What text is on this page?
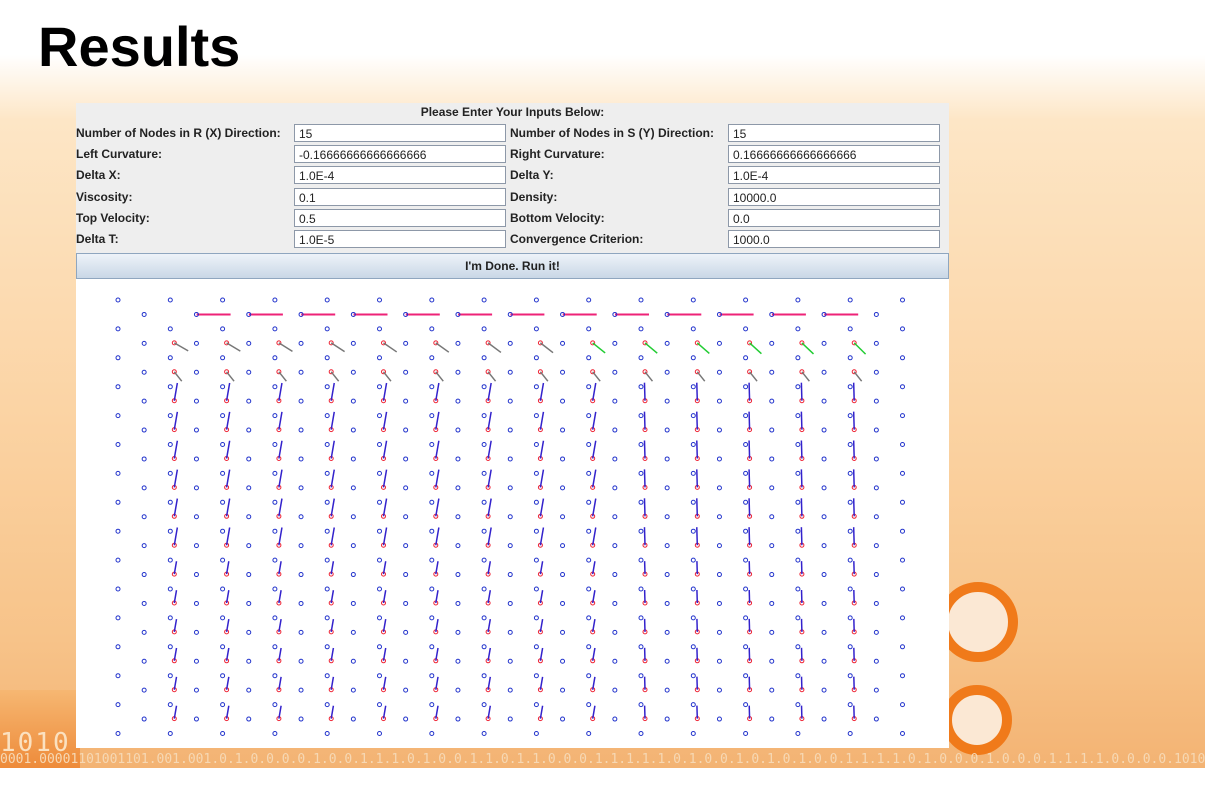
1010
0001.00001101001101.001.001.0.1.0.0.0.0.1.0.0.1.1.1.0.1.0.0.1.1.0.1.1.0.0.0.1.1.1.1.1.0.1.0.0.1.0.1.0.1.0.0.1.1.1.1.0.1.0.0.0.1.0.0.0.1.1.1.1.0.0.0.0.1010
Results
Please Enter Your Inputs Below:
Number of Nodes in R (X) Direction:	15	Number of Nodes in S (Y) Direction:	15
Left Curvature:	-0.16666666666666666	Right Curvature:	0.16666666666666666
Delta X:	1.0E-4	Delta Y:	1.0E-4
Viscosity:	0.1	Density:	10000.0
Top Velocity:	0.5	Bottom Velocity:	0.0
Delta T:	1.0E-5	Convergence Criterion:	1000.0
I'm Done. Run it!
